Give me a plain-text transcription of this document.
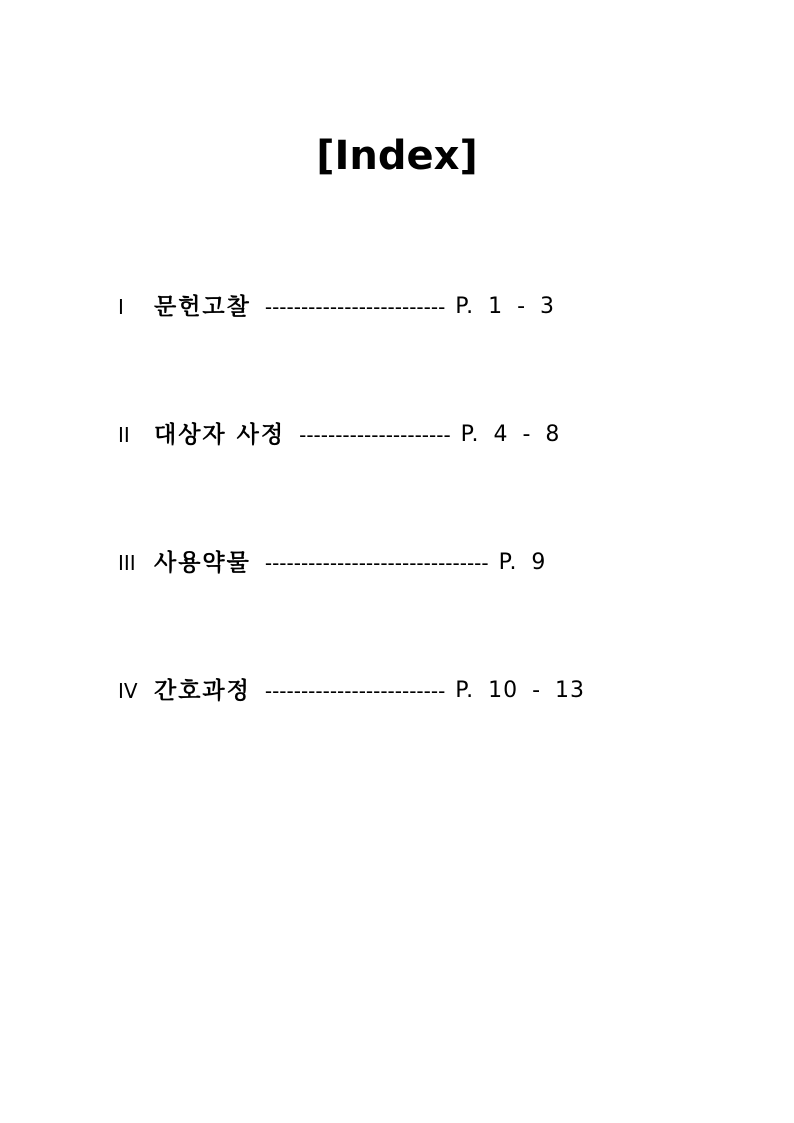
[Index]
I 문헌고찰 ------------------------- P. 1 - 3
II 대상자 사정 --------------------- P. 4 - 8
III 사용약물 ------------------------------- P. 9
IV 간호과정 ------------------------- P. 10 - 13
